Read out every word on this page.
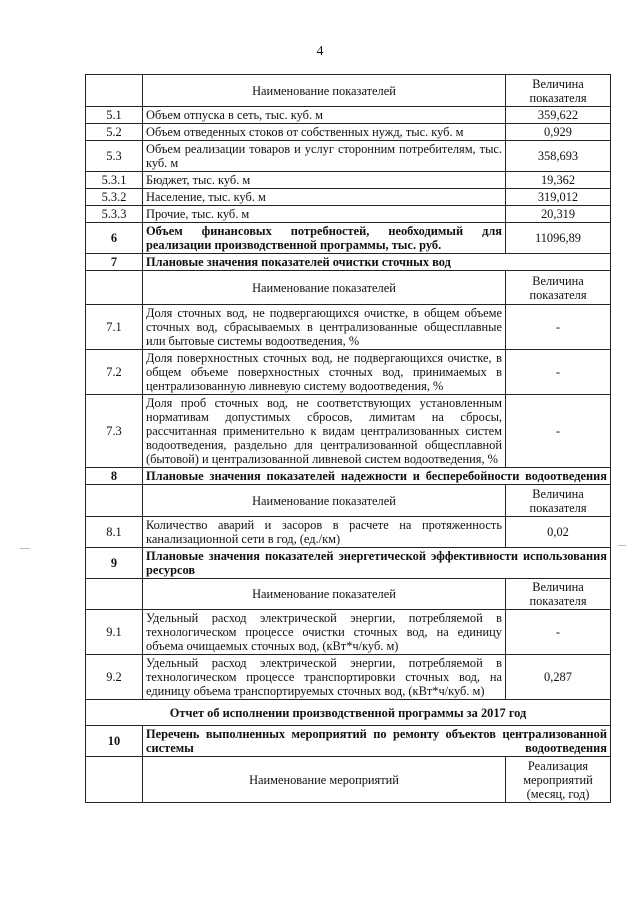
4
	Наименование показателей	Величина показателя
5.1	Объем отпуска в сеть, тыс. куб. м	359,622
5.2	Объем отведенных стоков от собственных нужд, тыс. куб. м	0,929
5.3	Объем реализации товаров и услуг сторонним потребителям, тыс. куб. м	358,693
5.3.1	Бюджет, тыс. куб. м	19,362
5.3.2	Население, тыс. куб. м	319,012
5.3.3	Прочие, тыс. куб. м	20,319
6	Объем финансовых потребностей, необходимый для реализации производственной программы, тыс. руб.	11096,89
7	Плановые значения показателей очистки сточных вод	
	Наименование показателей	Величина показателя
7.1	Доля сточных вод, не подвергающихся очистке, в общем объеме сточных вод, сбрасываемых в централизованные общесплавные или бытовые системы водоотведения, %	-
7.2	Доля поверхностных сточных вод, не подвергающихся очистке, в общем объеме поверхностных сточных вод, принимаемых в централизованную ливневую систему водоотведения, %	-
7.3	Доля проб сточных вод, не соответствующих установленным нормативам допустимых сбросов, лимитам на сбросы, рассчитанная применительно к видам централизованных систем водоотведения, раздельно для централизованной общесплавной (бытовой) и централизованной ливневой систем водоотведения, %	-
8	Плановые значения показателей надежности и бесперебойности водоотведения	
	Наименование показателей	Величина показателя
8.1	Количество аварий и засоров в расчете на протяженность канализационной сети в год, (ед./км)	0,02
9	Плановые значения показателей энергетической эффективности использования ресурсов	
	Наименование показателей	Величина показателя
9.1	Удельный расход электрической энергии, потребляемой в технологическом процессе очистки сточных вод, на единицу объема очищаемых сточных вод, (кВт*ч/куб. м)	-
9.2	Удельный расход электрической энергии, потребляемой в технологическом процессе транспортировки сточных вод, на единицу объема транспортируемых сточных вод, (кВт*ч/куб. м)	0,287
Отчет об исполнении производственной программы за 2017 год		
10	Перечень выполненных мероприятий по ремонту объектов централизованной системы водоотведения	
	Наименование мероприятий	Реализация мероприятий (месяц, год)
